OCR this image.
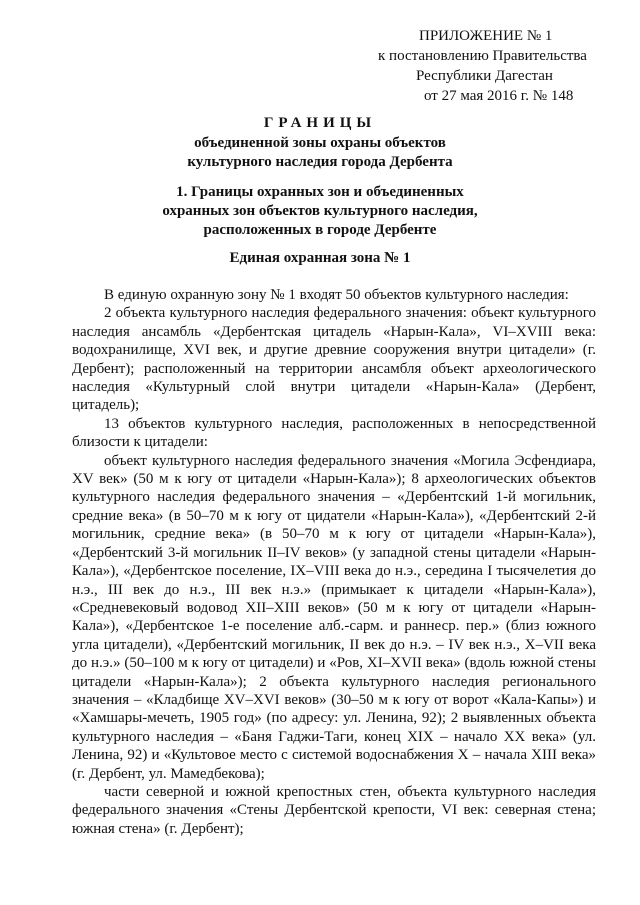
ПРИЛОЖЕНИЕ № 1
к постановлению Правительства
Республики Дагестан
от 27 мая 2016 г. № 148
ГРАНИЦЫ
объединенной зоны охраны объектов
культурного наследия города Дербента
1. Границы охранных зон и объединенных
охранных зон объектов культурного наследия,
расположенных в городе Дербенте
Единая охранная зона № 1

В единую охранную зону № 1 входят 50 объектов культурного наследия:

2 объекта культурного наследия федерального значения: объект культурного наследия ансамбль «Дербентская цитадель «Нарын-Кала», VI–XVIII века: водохранилище, XVI век, и другие древние сооружения внутри цитадели» (г. Дербент); расположенный на территории ансамбля объект археологического наследия «Культурный слой внутри цитадели «Нарын-Кала» (Дербент, цитадель);

13 объектов культурного наследия, расположенных в непосредственной близости к цитадели:

объект культурного наследия федерального значения «Могила Эсфендиара, XV век» (50 м к югу от цитадели «Нарын-Кала»); 8 археологических объектов культурного наследия федерального значения – «Дербентский 1-й могильник, средние века» (в 50–70 м к югу от цидатели «Нарын-Кала»), «Дербентский 2-й могильник, средние века» (в 50–70 м к югу от цитадели «Нарын-Кала»), «Дербентский 3-й могильник II–IV веков» (у западной стены цитадели «Нарын-Кала»), «Дербентское поселение, IX–VIII века до н.э., середина I тысячелетия до н.э., III век до н.э., III век н.э.» (примыкает к цитадели «Нарын-Кала»), «Средневековый водовод XII–XIII веков» (50 м к югу от цитадели «Нарын-Кала»), «Дербентское 1-е поселение алб.-сарм. и раннеср. пер.» (близ южного угла цитадели), «Дербентский могильник, II век до н.э. – IV век н.э., X–VII века до н.э.» (50–100 м к югу от цитадели) и «Ров, XI–XVII века» (вдоль южной стены цитадели «Нарын-Кала»); 2 объекта культурного наследия регионального значения – «Кладбище XV–XVI веков» (30–50 м к югу от ворот «Кала-Капы») и «Хамшары-мечеть, 1905 год» (по адресу: ул. Ленина, 92); 2 выявленных объекта культурного наследия – «Баня Гаджи-Таги, конец XIX – начало XX века» (ул. Ленина, 92) и «Культовое место с системой водоснабжения X – начала XIII века» (г. Дербент, ул. Мамедбекова);

части северной и южной крепостных стен, объекта культурного наследия федерального значения «Стены Дербентской крепости, VI век: северная стена; южная стена» (г. Дербент);
